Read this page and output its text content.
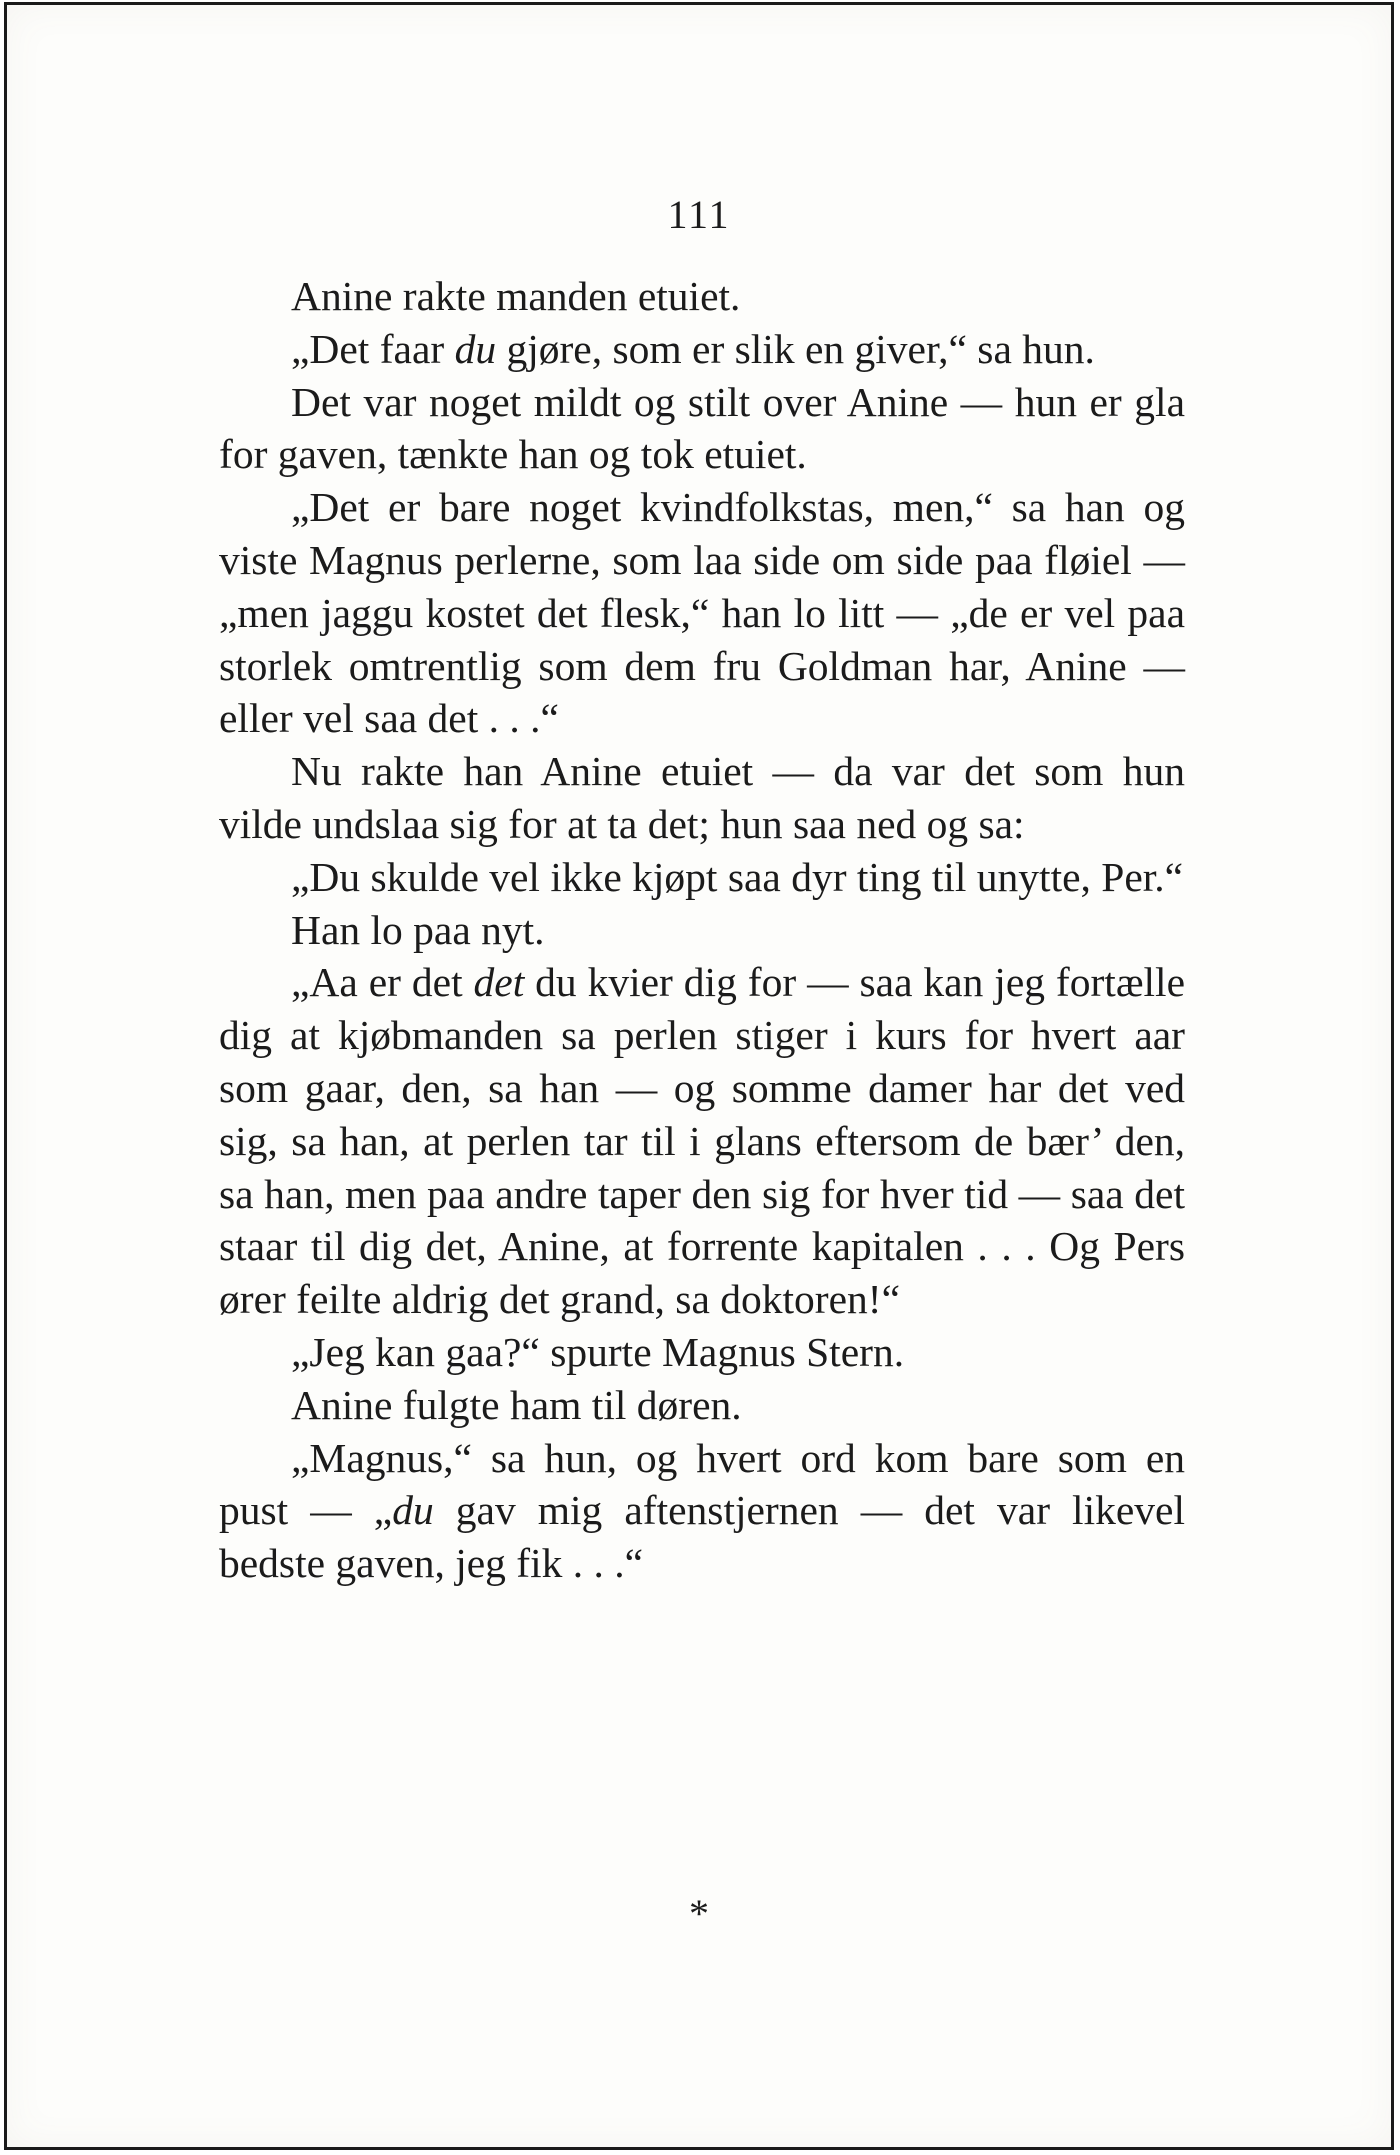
111

Anine rakte manden etuiet.

„Det faar du gjøre, som er slik en giver,“ sa hun.

Det var noget mildt og stilt over Anine — hun er gla for gaven, tænkte han og tok etuiet.

„Det er bare noget kvindfolkstas, men,“ sa han og viste Magnus perlerne, som laa side om side paa fløiel — „men jaggu kostet det flesk,“ han lo litt — „de er vel paa storlek omtrentlig som dem fru Goldman har, Anine — eller vel saa det . . .“

Nu rakte han Anine etuiet — da var det som hun vilde undslaa sig for at ta det; hun saa ned og sa:

„Du skulde vel ikke kjøpt saa dyr ting til unytte, Per.“

Han lo paa nyt.

„Aa er det det du kvier dig for — saa kan jeg fortælle dig at kjøbmanden sa perlen stiger i kurs for hvert aar som gaar, den, sa han — og somme damer har det ved sig, sa han, at perlen tar til i glans eftersom de bær’ den, sa han, men paa andre taper den sig for hver tid — saa det staar til dig det, Anine, at forrente kapitalen . . . Og Pers ører feilte aldrig det grand, sa doktoren!“

„Jeg kan gaa?“ spurte Magnus Stern.

Anine fulgte ham til døren.

„Magnus,“ sa hun, og hvert ord kom bare som en pust — „du gav mig aftenstjernen — det var likevel bedste gaven, jeg fik . . .“

*
